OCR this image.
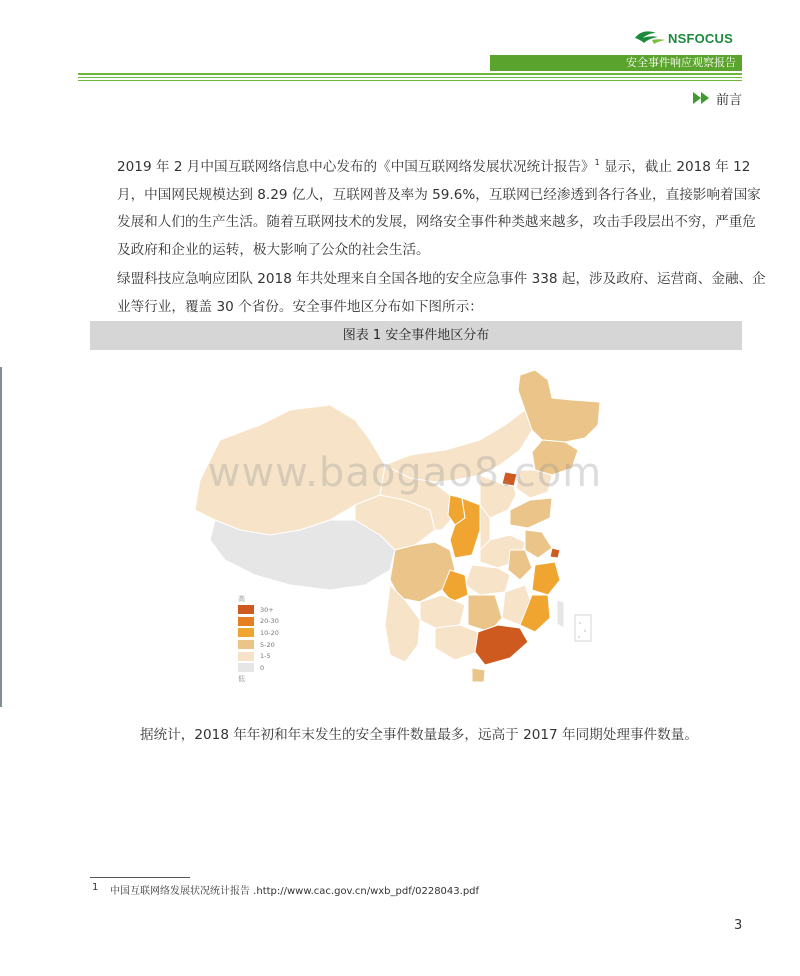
NSFOCUS
安全事件响应观察报告
前言

2019 年 2 月中国互联网络信息中心发布的《中国互联网络发展状况统计报告》$^1$ 显示，截止 2018 年 12 月，中国网民规模达到 8.29 亿人，互联网普及率为 59.6%，互联网已经渗透到各行各业，直接影响着国家发展和人们的生产生活。随着互联网技术的发展，网络安全事件种类越来越多，攻击手段层出不穷，严重危及政府和企业的运转，极大影响了公众的社会生活。

绿盟科技应急响应团队 2018 年共处理来自全国各地的安全应急事件 338 起，涉及政府、运营商、金融、企业等行业，覆盖 30 个省份。安全事件地区分布如下图所示：

图表 1 安全事件地区分布
www.baogao8.com
高
30+
20-30
10-20
5-20
1-5
0
低
据统计，2018 年年初和年末发生的安全事件数量最多，远高于 2017 年同期处理事件数量。
1	中国互联网络发展状况统计报告 .http://www.cac.gov.cn/wxb_pdf/0228043.pdf
3
